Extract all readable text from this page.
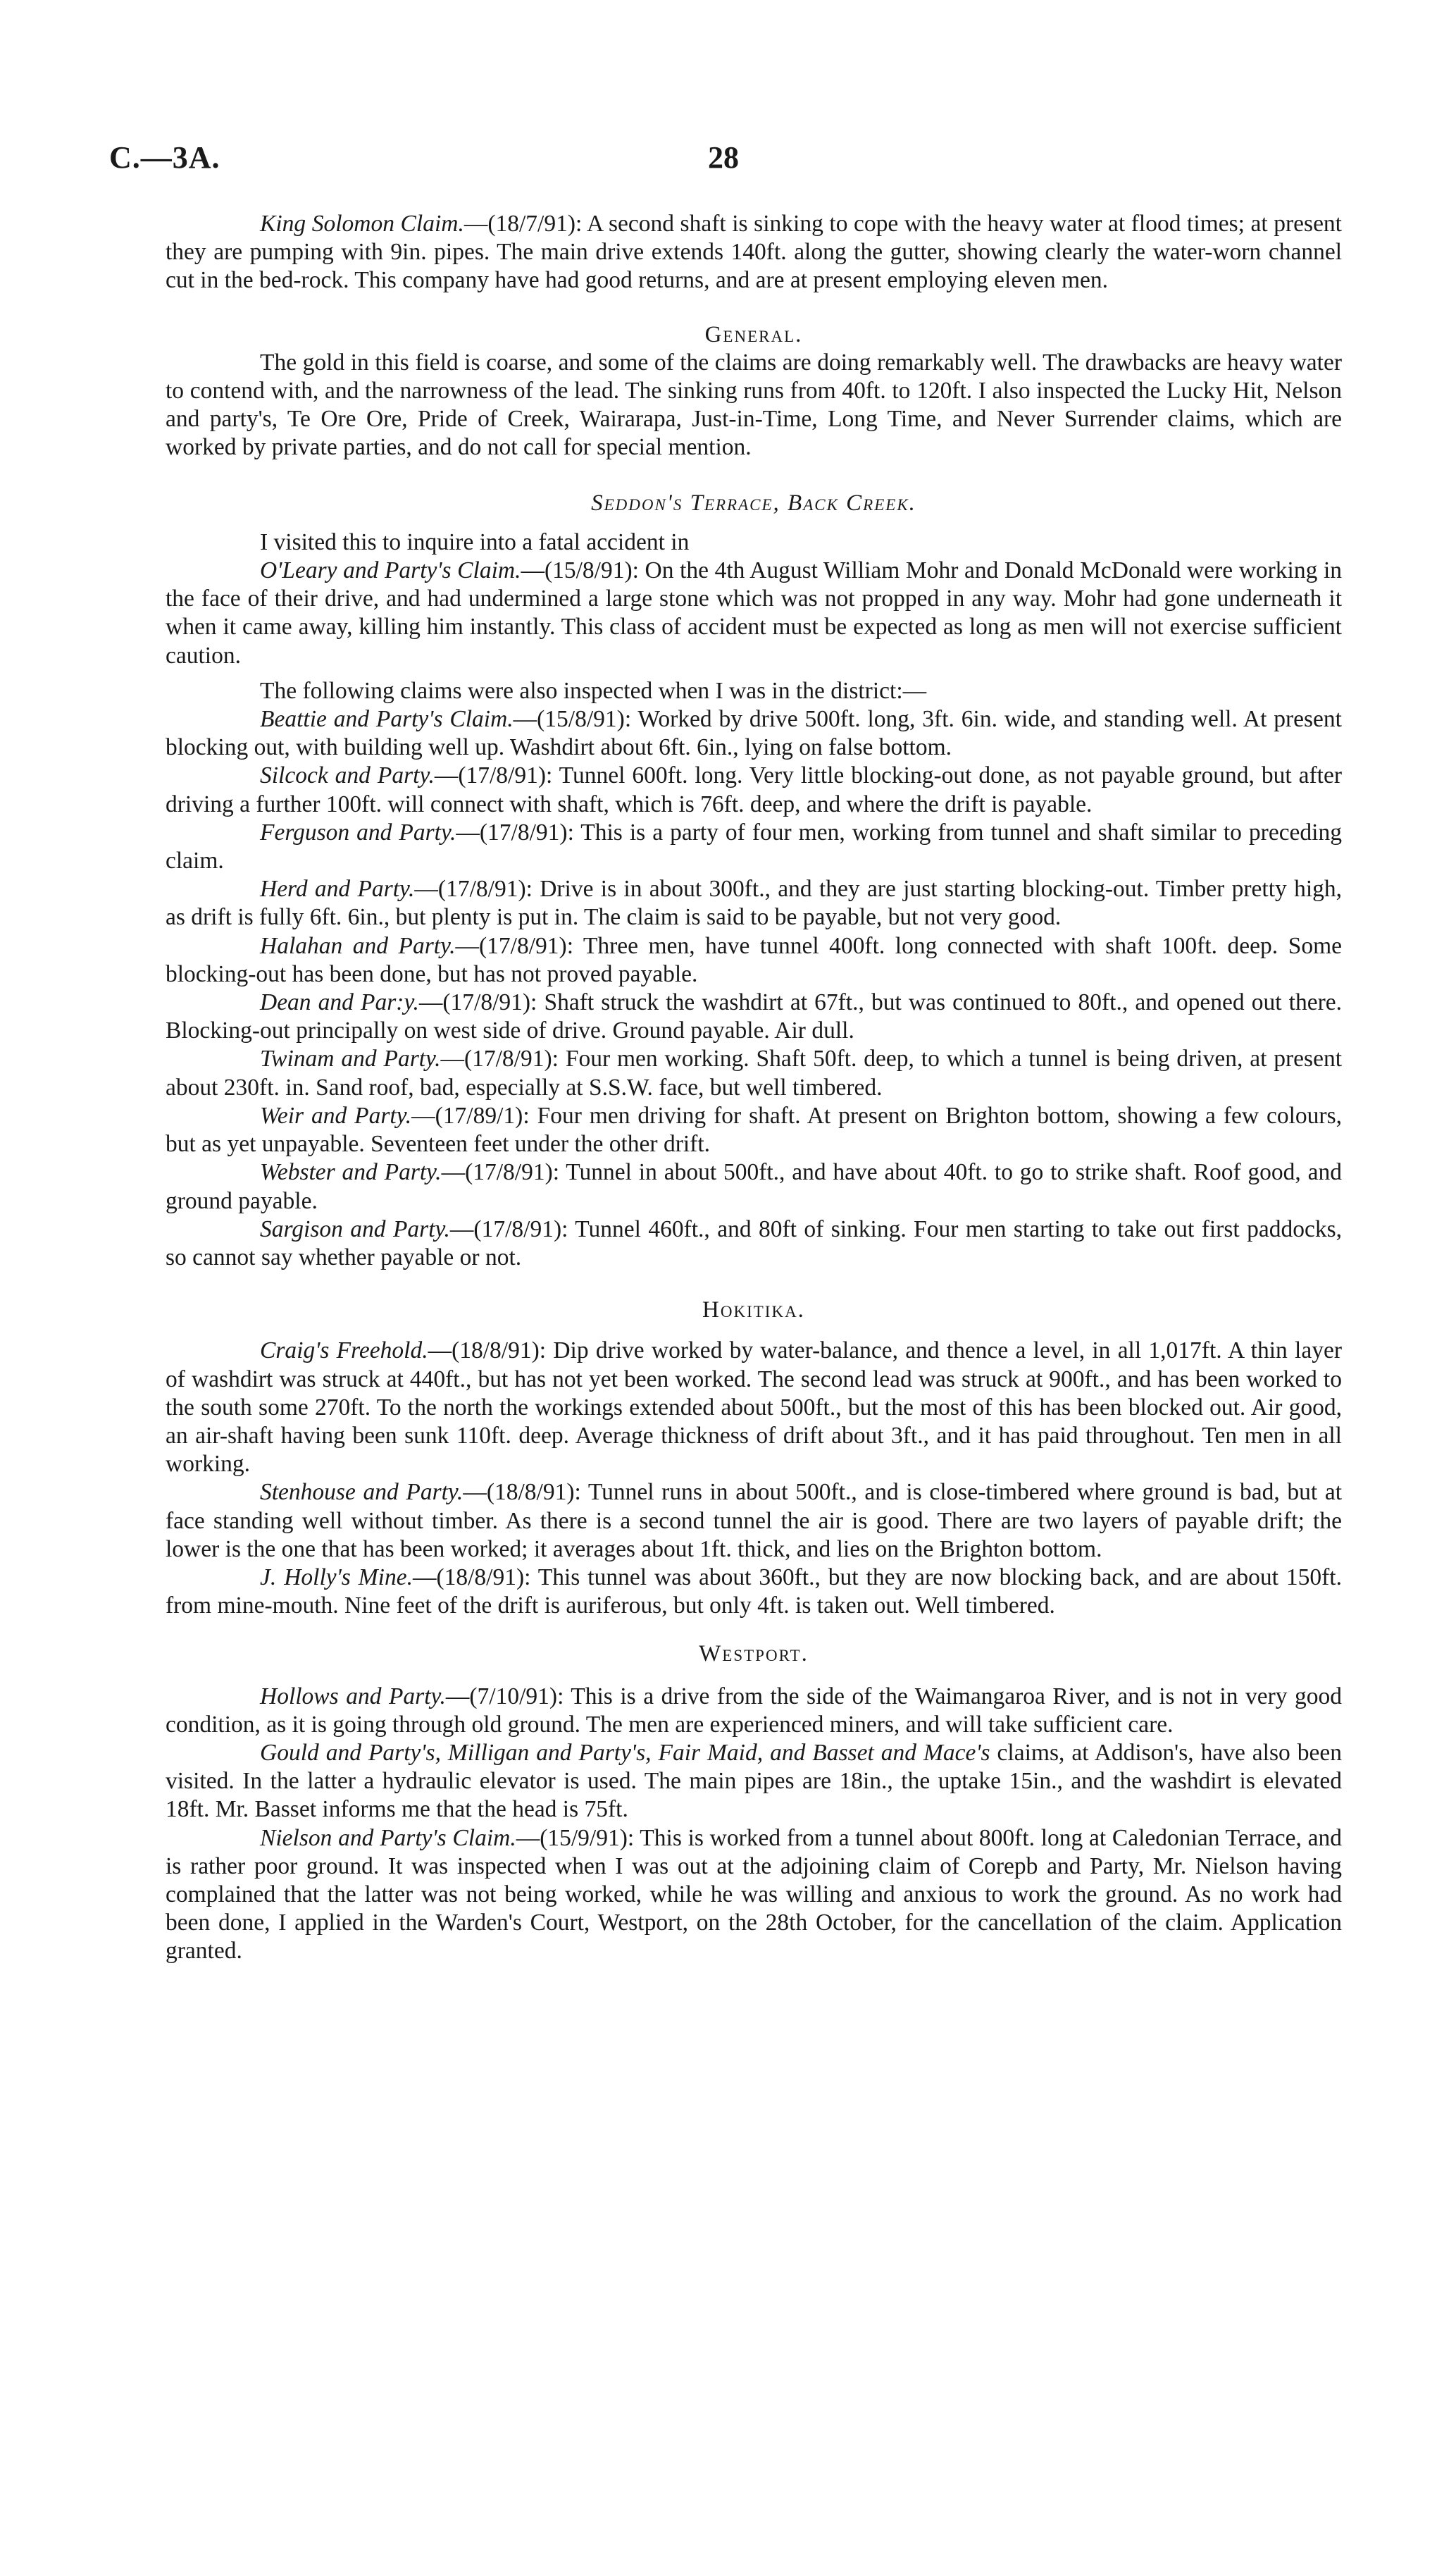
C.—3A.	28

King Solomon Claim.—(18/7/91): A second shaft is sinking to cope with the heavy water at flood times; at present they are pumping with 9in. pipes. The main drive extends 140ft. along the gutter, showing clearly the water-worn channel cut in the bed-rock. This company have had good returns, and are at present employing eleven men.

General.

The gold in this field is coarse, and some of the claims are doing remarkably well. The drawbacks are heavy water to contend with, and the narrowness of the lead. The sinking runs from 40ft. to 120ft. I also inspected the Lucky Hit, Nelson and party's, Te Ore Ore, Pride of Creek, Wairarapa, Just-in-Time, Long Time, and Never Surrender claims, which are worked by private parties, and do not call for special mention.

Seddon's Terrace, Back Creek.

I visited this to inquire into a fatal accident in

O'Leary and Party's Claim.—(15/8/91): On the 4th August William Mohr and Donald McDonald were working in the face of their drive, and had undermined a large stone which was not propped in any way. Mohr had gone underneath it when it came away, killing him instantly. This class of accident must be expected as long as men will not exercise sufficient caution.

The following claims were also inspected when I was in the district:—

Beattie and Party's Claim.—(15/8/91): Worked by drive 500ft. long, 3ft. 6in. wide, and standing well. At present blocking out, with building well up. Washdirt about 6ft. 6in., lying on false bottom.

Silcock and Party.—(17/8/91): Tunnel 600ft. long. Very little blocking-out done, as not payable ground, but after driving a further 100ft. will connect with shaft, which is 76ft. deep, and where the drift is payable.

Ferguson and Party.—(17/8/91): This is a party of four men, working from tunnel and shaft similar to preceding claim.

Herd and Party.—(17/8/91): Drive is in about 300ft., and they are just starting blocking-out. Timber pretty high, as drift is fully 6ft. 6in., but plenty is put in. The claim is said to be payable, but not very good.

Halahan and Party.—(17/8/91): Three men, have tunnel 400ft. long connected with shaft 100ft. deep. Some blocking-out has been done, but has not proved payable.

Dean and Par:y.—(17/8/91): Shaft struck the washdirt at 67ft., but was continued to 80ft., and opened out there. Blocking-out principally on west side of drive. Ground payable. Air dull.

Twinam and Party.—(17/8/91): Four men working. Shaft 50ft. deep, to which a tunnel is being driven, at present about 230ft. in. Sand roof, bad, especially at S.S.W. face, but well timbered.

Weir and Party.—(17/89/1): Four men driving for shaft. At present on Brighton bottom, showing a few colours, but as yet unpayable. Seventeen feet under the other drift.

Webster and Party.—(17/8/91): Tunnel in about 500ft., and have about 40ft. to go to strike shaft. Roof good, and ground payable.

Sargison and Party.—(17/8/91): Tunnel 460ft., and 80ft of sinking. Four men starting to take out first paddocks, so cannot say whether payable or not.

Hokitika.

Craig's Freehold.—(18/8/91): Dip drive worked by water-balance, and thence a level, in all 1,017ft. A thin layer of washdirt was struck at 440ft., but has not yet been worked. The second lead was struck at 900ft., and has been worked to the south some 270ft. To the north the workings extended about 500ft., but the most of this has been blocked out. Air good, an air-shaft having been sunk 110ft. deep. Average thickness of drift about 3ft., and it has paid throughout. Ten men in all working.

Stenhouse and Party.—(18/8/91): Tunnel runs in about 500ft., and is close-timbered where ground is bad, but at face standing well without timber. As there is a second tunnel the air is good. There are two layers of payable drift; the lower is the one that has been worked; it averages about 1ft. thick, and lies on the Brighton bottom.

J. Holly's Mine.—(18/8/91): This tunnel was about 360ft., but they are now blocking back, and are about 150ft. from mine-mouth. Nine feet of the drift is auriferous, but only 4ft. is taken out. Well timbered.

Westport.

Hollows and Party.—(7/10/91): This is a drive from the side of the Waimangaroa River, and is not in very good condition, as it is going through old ground. The men are experienced miners, and will take sufficient care.

Gould and Party's, Milligan and Party's, Fair Maid, and Basset and Mace's claims, at Addison's, have also been visited. In the latter a hydraulic elevator is used. The main pipes are 18in., the uptake 15in., and the washdirt is elevated 18ft. Mr. Basset informs me that the head is 75ft.

Nielson and Party's Claim.—(15/9/91): This is worked from a tunnel about 800ft. long at Caledonian Terrace, and is rather poor ground. It was inspected when I was out at the adjoining claim of Corepb and Party, Mr. Nielson having complained that the latter was not being worked, while he was willing and anxious to work the ground. As no work had been done, I applied in the Warden's Court, Westport, on the 28th October, for the cancellation of the claim. Application granted.
